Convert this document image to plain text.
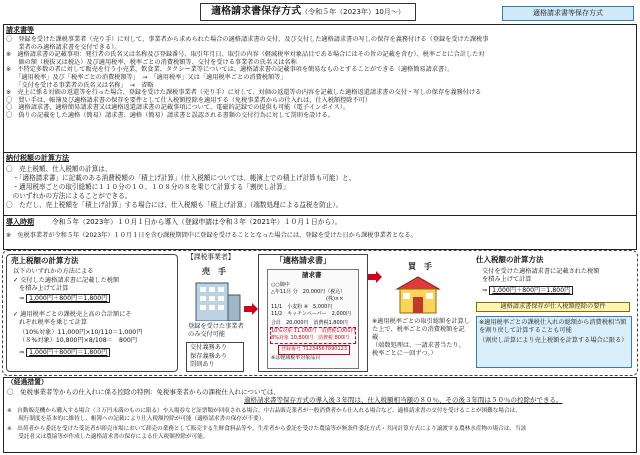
適格請求書保存方式（令和５年（2023年）10月～）	適格請求書等保存方式
請求書等
〇　登録を受けた課税事業者（売り手）に対して、事業者から求められた場合の適格請求書の交付、及び交付した適格請求書の写しの保存を義務付ける（登録を受けた課税事
　　業者のみ適格請求書を交付できる）。
※　適格請求書の記載事項：発行者の氏名又は名称及び登録番号、取引年月日、取引の内容（軽減税率対象品目である場合にはその旨の記載を含む）、税率ごとに合計した対
　　価の額（税抜又は税込）及び適用税率、税率ごとの消費税額等、交付を受ける事業者の氏名又は名称
※　不特定多数の者に対して販売を行う小売業、飲食業、タクシー業等については、適格請求書の記載事項を簡易なものとすることができる（適格簡易請求書）。
　　「適用税率」及び「税率ごとの消費税額等」　→　「適用税率」又は「適用税率ごとの消費税額等」
　　「交付を受ける事業者の氏名又は名称」　→　省略
※　売上に係る対価の返還等を行った場合、登録を受けた課税事業者（売り手）に対して、対価の返還等の内容を記載した適格返還請求書の交付・写しの保存を義務付ける
〇　買い手は、帳簿及び適格請求書の保存を要件として仕入税額控除を適用する（免税事業者からの仕入れは、仕入税額控除不可）
〇　適格請求書、適格簡易請求書又は適格返還請求書の記載事項について、電磁的記録での提供も可能（電子インボイス）。
〇　偽りの記載をした適格（簡易）請求書、適格（簡易）請求書と誤認される書類の交付行為に対して罰則を設ける。
納付税額の計算方法
〇　売上税額、仕入税額の計算は、
　・「適格請求書」に記載のある消費税額の「積上げ計算」（仕入税額については、帳簿上での積上げ計算も可能）と、
　・適用税率ごとの取引総額に１１０分の１０、１０８分の８を乗じて計算する「割戻し計算」
　のいずれかの方法によることができる。
〇　ただし、売上税額を「積上げ計算」する場合には、仕入税額も「積上げ計算」（端数処理による益税を防止）。
導入時期	令和５年（2023年）１０月１日から導入（登録申請は令和３年（2021年）１０月１日から）。
※　免税事業者が令和５年（2023年）１０月１日を含む課税期間中に登録を受けることとなった場合には、登録を受けた日から課税事業者となる。
売上税額の計算方法
以下のいずれかの方法による
✓ 交付した適格請求書に記載した税額
を積み上げて計算
⇒ 1,000円＋800円＝1,800円
✓ 適用税率ごとの課税売上高の合計額にそ
れぞれ税率を乗じて計算
（10%対象）11,000円×10/110＝1,000円
（８%対象）10,800円×8/108＝　800円
⇒ 1,000円＋800円＝1,800円
【課税事業者】
売　手
登録を受けた事業者
のみ交付可能
交付義務あり
保存義務あり
罰則あり
「適格請求書」
請求書
○○御中
△年11月 分　20,000円（税込）
(株)××
11/1　小麦粉 ※　5,000円
11/2　キッチンペーパー　2,000円
合計　20,000円　消費税1,800円
10%対象 11,000円　消費税1,000円
8%対象 10,800円　消費税 800円
登録番号 T1234567890123
※は軽減税率対象品目
買　手
※適用税率ごとの取引総額を計算した上で、税率ごとの消費税額を記載
（端数処理は、一請求書当たり、税率ごとに一回ずつ。）
仕入税額の計算方法
交付を受けた適格請求書に記載された税額
を積み上げて計算
⇒ 1,000円＋800円＝1,800円
適格請求書保存が仕入税額控除の要件
※適用税率ごとの課税仕入れの総額から消費税相当額を割り戻して計算することも可能
（割戻し計算により売上税額を計算する場合に限る）
（経過措置）
〇　免税事業者等からの仕入れに係る控除の特例：免税事業者からの課税仕入れについては、
適格請求書等保存方式の導入後３年間は、仕入税額相当額の８０％、その後３年間は５０％の控除ができる。
※　自動販売機から購入する場合（３万円未満のものに限る）や入場券など証票類が回収される場合、中古品販売業者が一般消費者から仕入れる場合など、適格請求書の交付を受けることが困難な場合は、
　　現行制度を基本的に維持し、帳簿への記載により仕入税額控除が可能（適格請求書の保存が不要）。
※　出荷者から委託を受けた受託者が卸売市場において卸売の業務として販売する生鮮食料品等や、生産者から委託を受けた農協等が無条件委託方式・共同計算方式により譲渡する農林水産物の場合は、当該
　　受託者又は農協等が作成した適格請求書の保存による仕入税額控除が可能。
